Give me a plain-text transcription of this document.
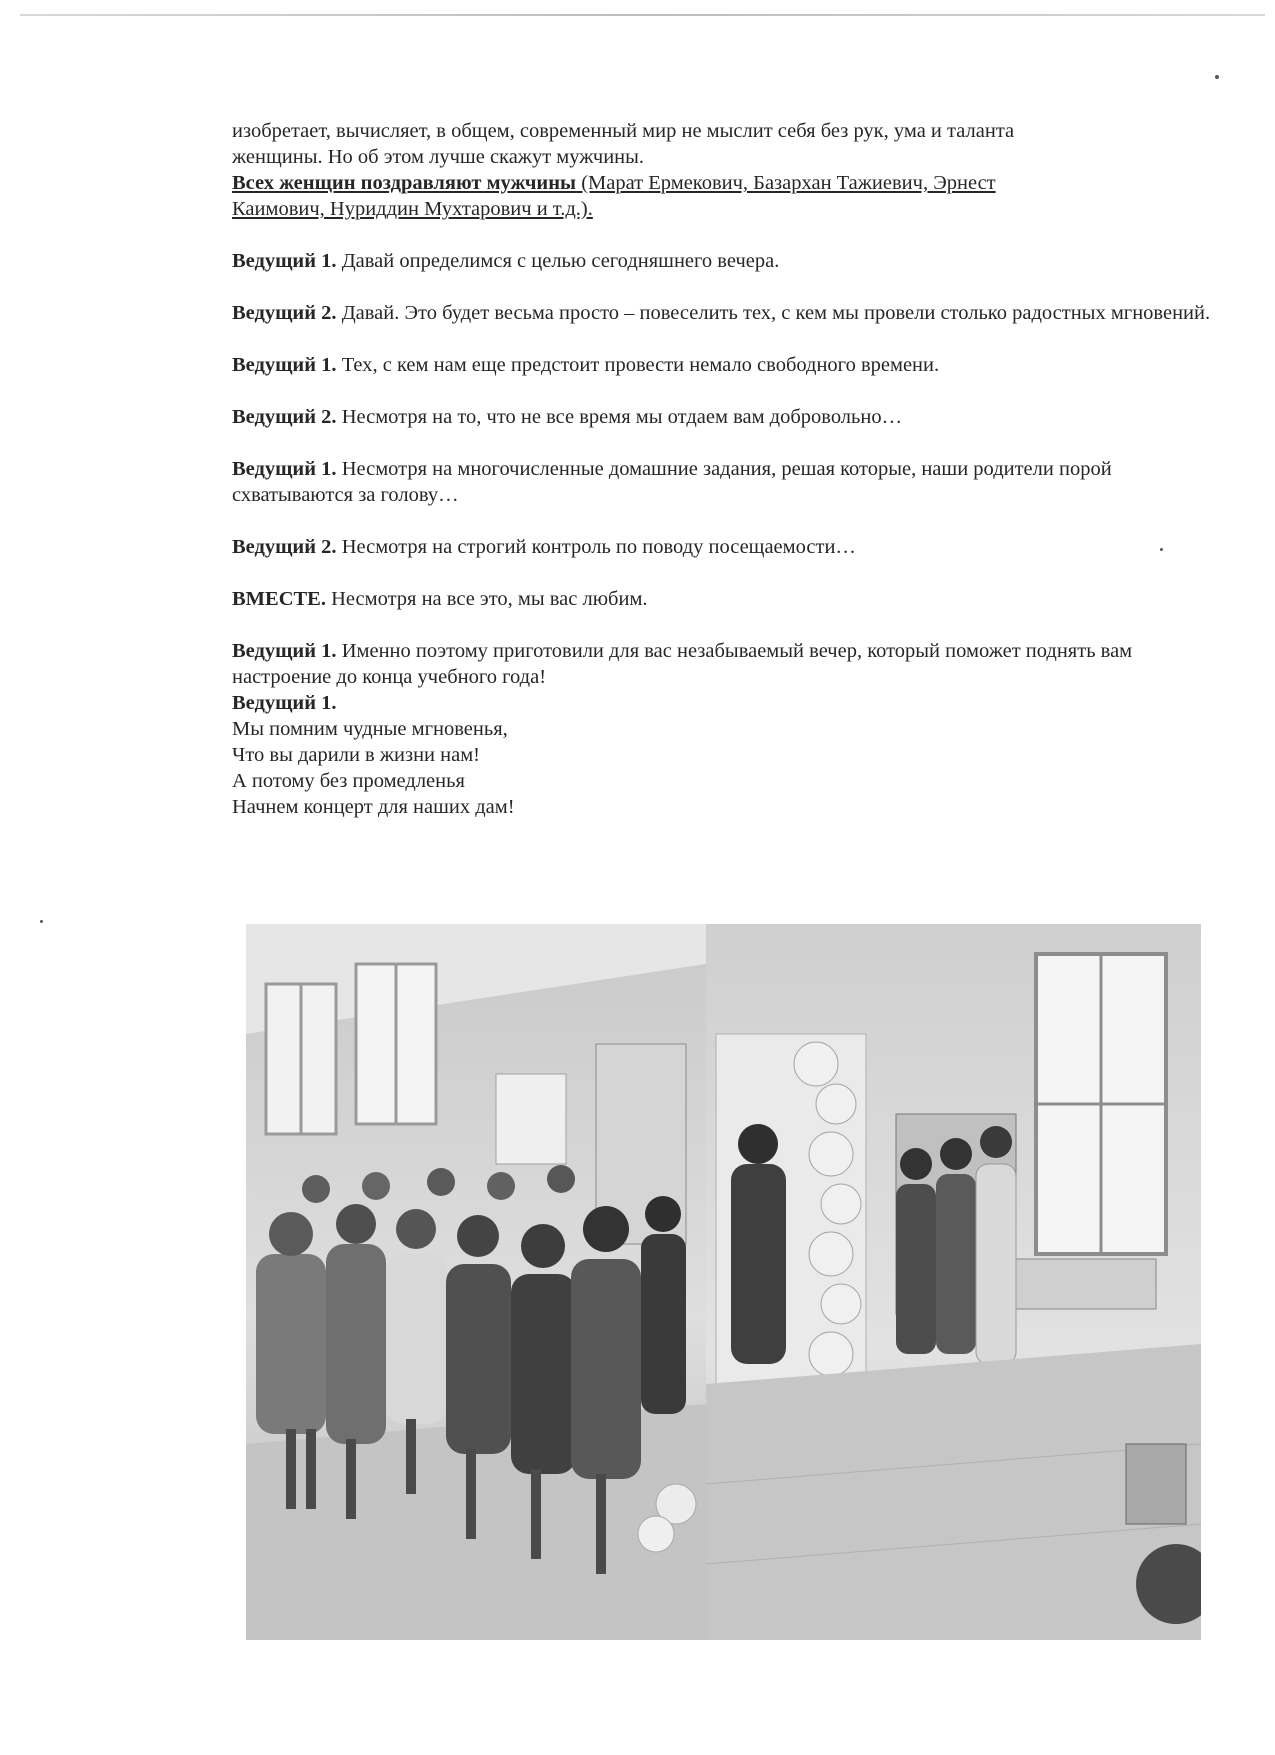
изобретает, вычисляет, в общем, современный мир не мыслит себя без рук, ума и таланта

женщины. Но об этом лучше скажут мужчины.

Всех женщин поздравляют мужчины (Марат Ермекович, Базархан Тажиевич, Эрнест

Каимович, Нуриддин Мухтарович и т.д.).

Ведущий 1. Давай определимся с целью сегодняшнего вечера.

Ведущий 2. Давай. Это будет весьма просто – повеселить тех, с кем мы провели столько радостных мгновений.

Ведущий 1. Тех, с кем нам еще предстоит провести немало свободного времени.

Ведущий 2. Несмотря на то, что не все время мы отдаем вам добровольно…

Ведущий 1. Несмотря на многочисленные домашние задания, решая которые, наши родители порой схватываются за голову…

Ведущий 2. Несмотря на строгий контроль по поводу посещаемости…

ВМЕСТЕ. Несмотря на все это, мы вас любим.

Ведущий 1. Именно поэтому приготовили для вас незабываемый вечер, который поможет поднять вам настроение до конца учебного года!

Ведущий 1.

Мы помним чудные мгновенья,

Что вы дарили в жизни нам!

А потому без промедленья

Начнем концерт для наших дам!
